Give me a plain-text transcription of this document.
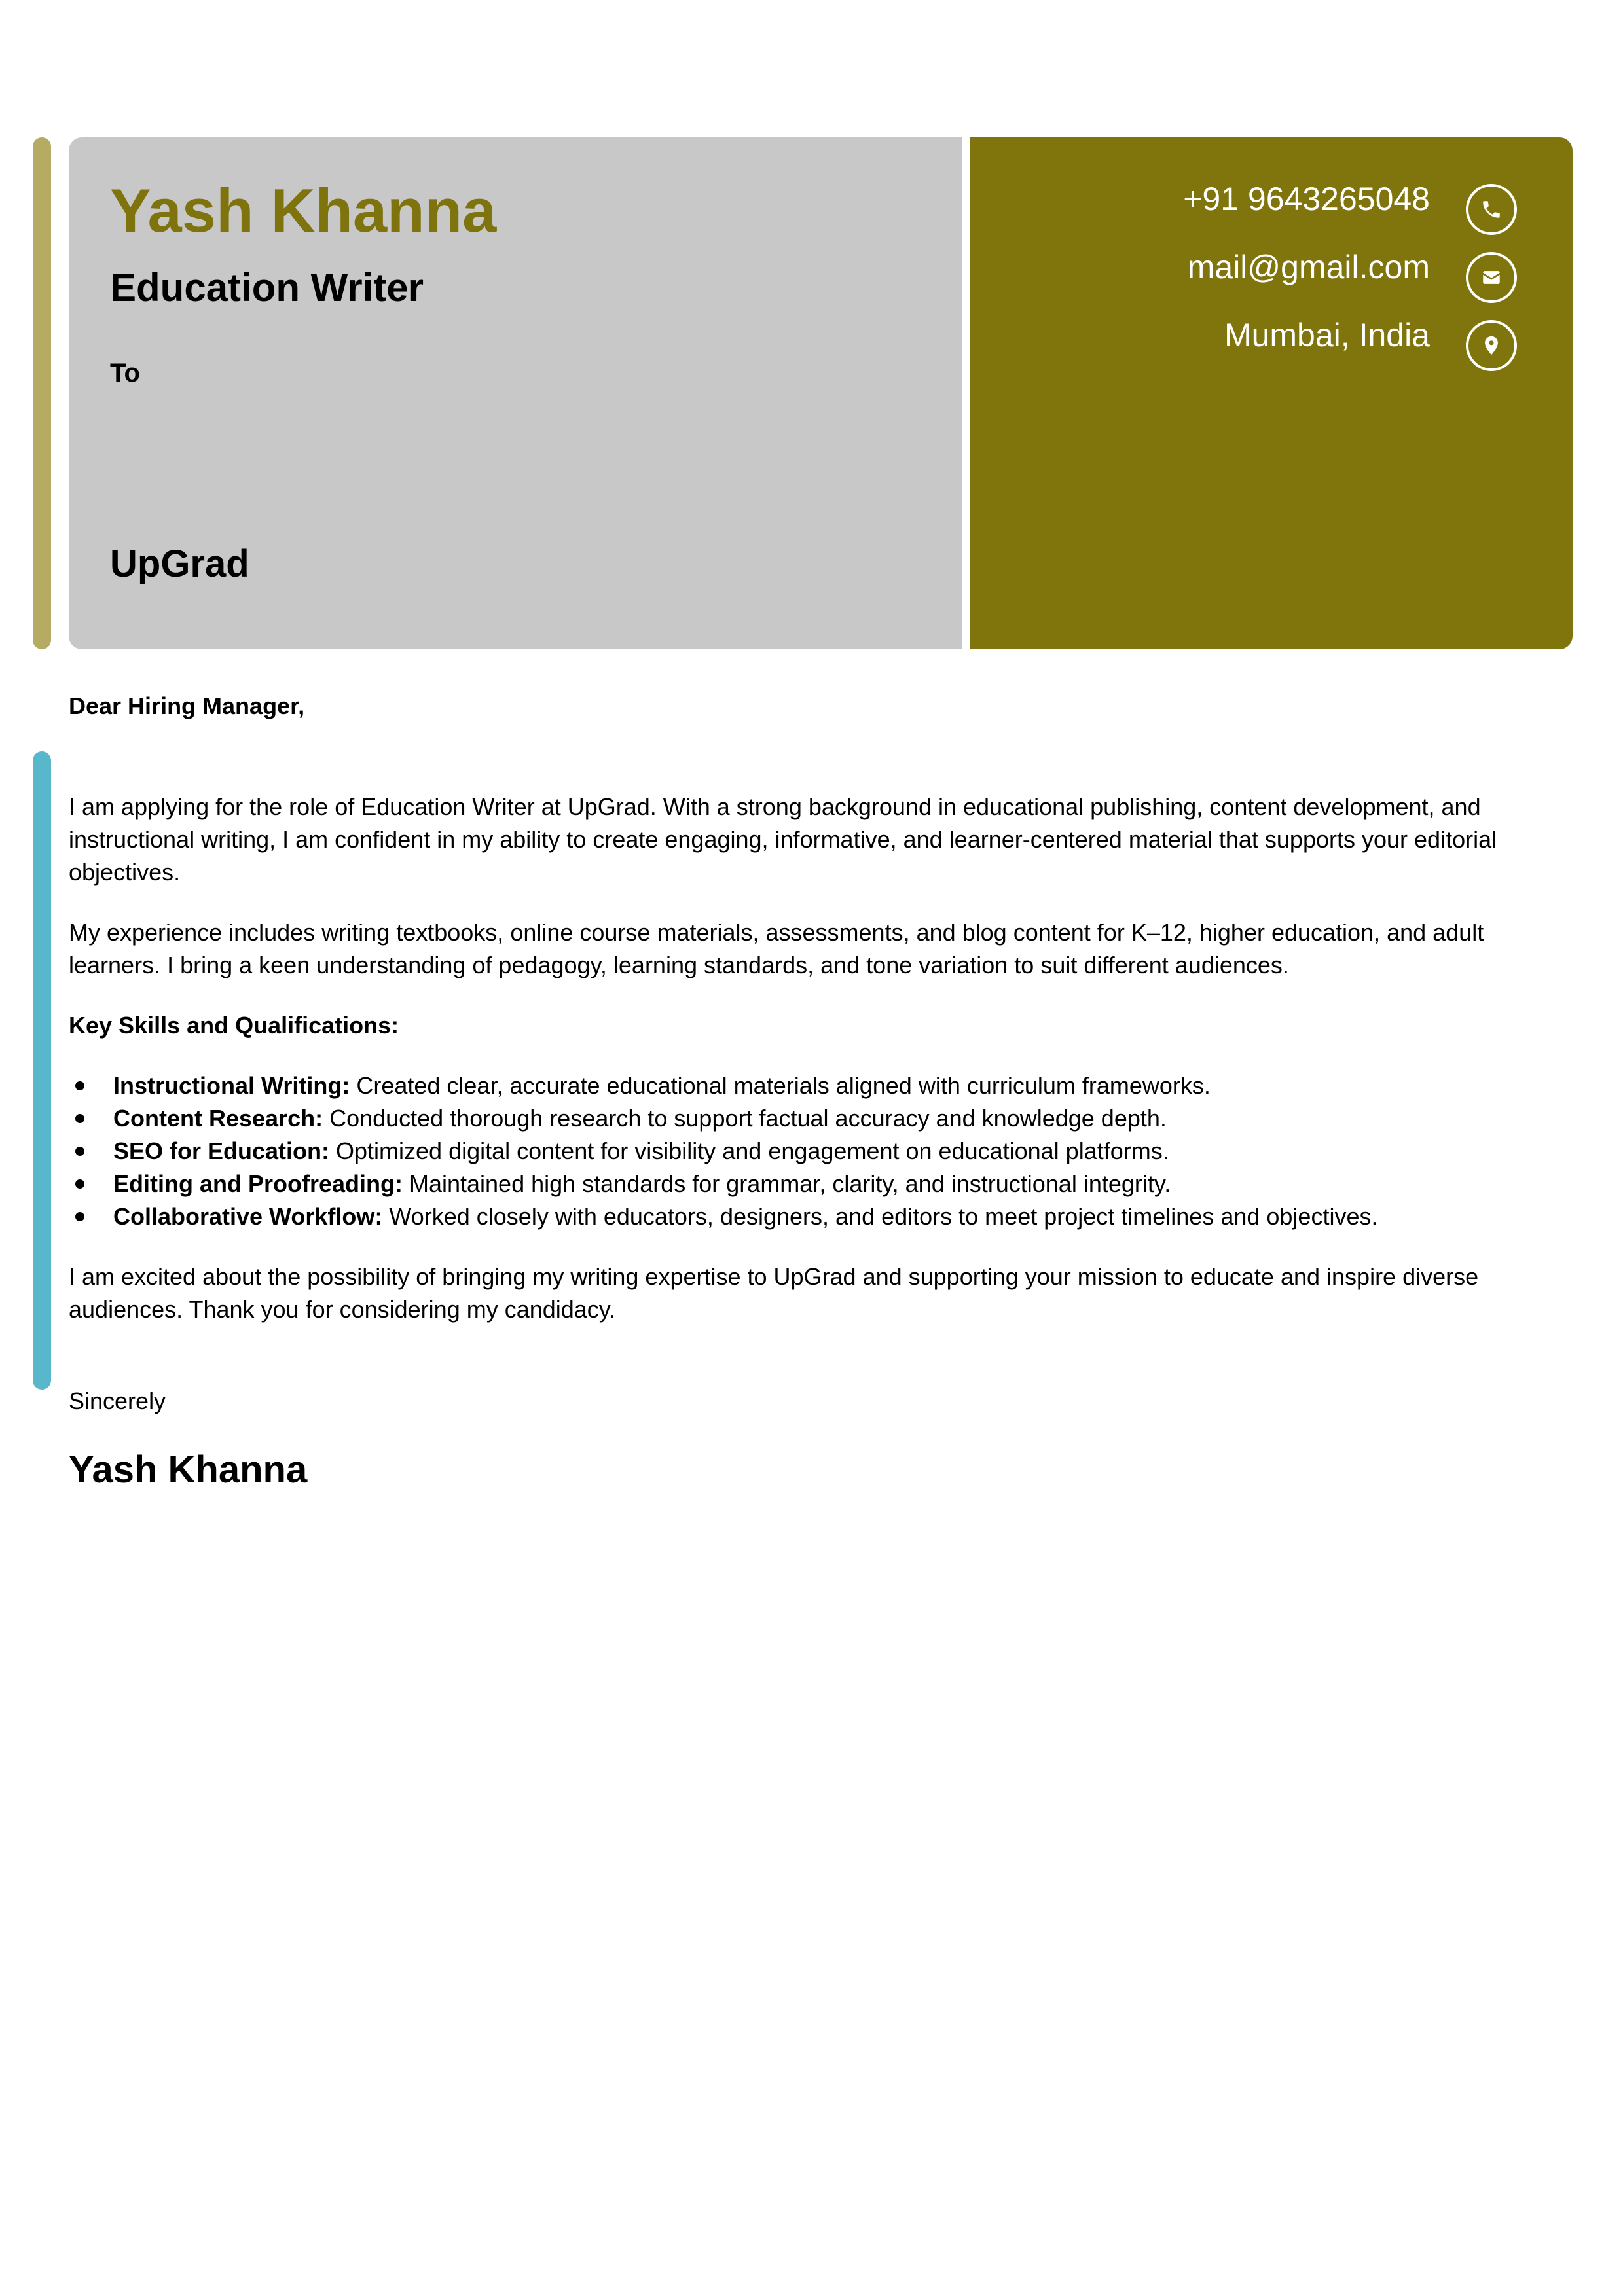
Yash Khanna
Education Writer
To
UpGrad
+91 9643265048
mail@gmail.com
Mumbai, India
Dear Hiring Manager,

I am applying for the role of Education Writer at UpGrad. With a strong background in educational publishing, content development, and instructional writing, I am confident in my ability to create engaging, informative, and learner-centered material that supports your editorial objectives.

My experience includes writing textbooks, online course materials, assessments, and blog content for K–12, higher education, and adult learners. I bring a keen understanding of pedagogy, learning standards, and tone variation to suit different audiences.

Key Skills and Qualifications:

Instructional Writing: Created clear, accurate educational materials aligned with curriculum frameworks.
Content Research: Conducted thorough research to support factual accuracy and knowledge depth.
SEO for Education: Optimized digital content for visibility and engagement on educational platforms.
Editing and Proofreading: Maintained high standards for grammar, clarity, and instructional integrity.
Collaborative Workflow: Worked closely with educators, designers, and editors to meet project timelines and objectives.

I am excited about the possibility of bringing my writing expertise to UpGrad and supporting your mission to educate and inspire diverse audiences. Thank you for considering my candidacy.

Sincerely
Yash Khanna
